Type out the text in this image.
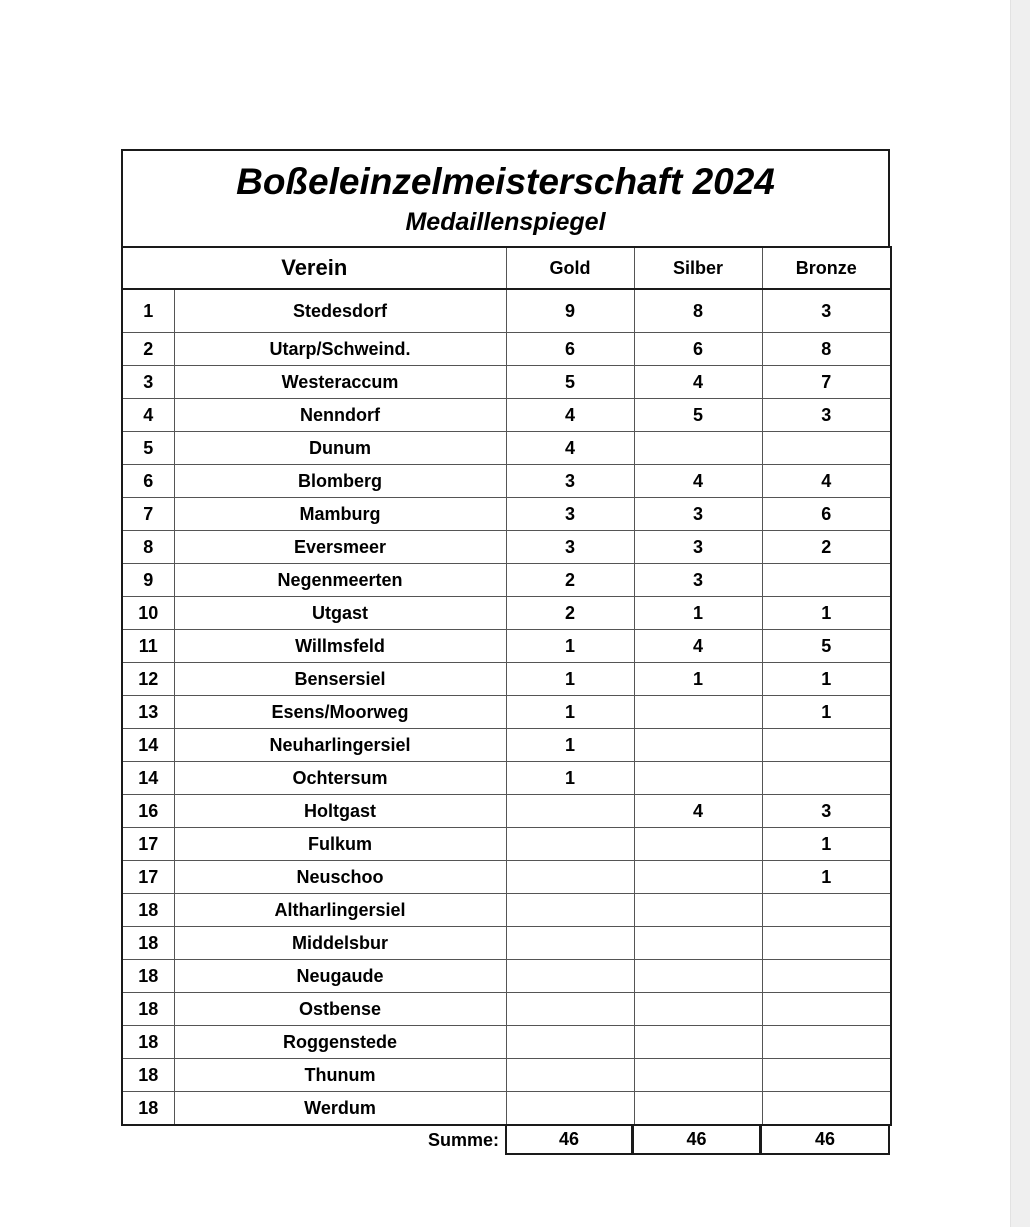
Boßeleinzelmeisterschaft 2024
Medaillenspiegel
Verein		Gold	Silber	Bronze
1	Stedesdorf	9	8	3
2	Utarp/Schweind.	6	6	8
3	Westeraccum	5	4	7
4	Nenndorf	4	5	3
5	Dunum	4		
6	Blomberg	3	4	4
7	Mamburg	3	3	6
8	Eversmeer	3	3	2
9	Negenmeerten	2	3	
10	Utgast	2	1	1
11	Willmsfeld	1	4	5
12	Bensersiel	1	1	1
13	Esens/Moorweg	1		1
14	Neuharlingersiel	1		
14	Ochtersum	1		
16	Holtgast		4	3
17	Fulkum			1
17	Neuschoo			1
18	Altharlingersiel			
18	Middelsbur			
18	Neugaude			
18	Ostbense			
18	Roggenstede			
18	Thunum			
18	Werdum			
Summe:	46	46	46
